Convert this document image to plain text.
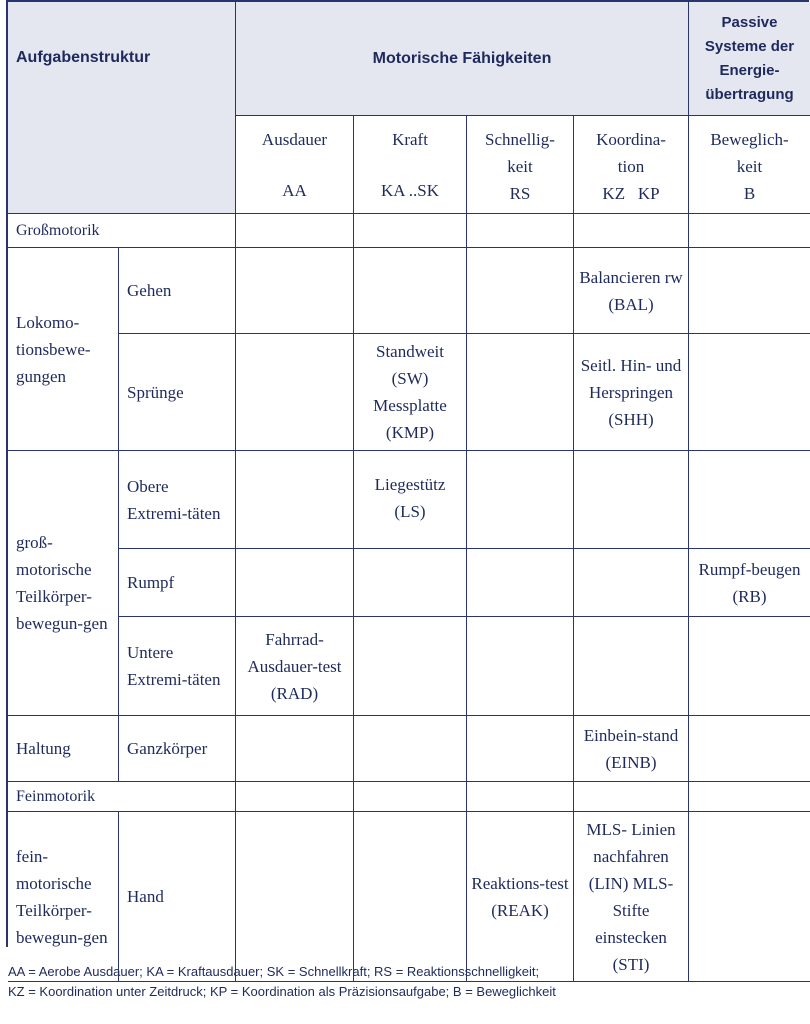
Aufgabenstruktur	Motorische Fähigkeiten
Passive Systeme der Energie-übertragung
Ausdauer
AA
Kraft
KA ..SK
Schnellig-keit
RS
Koordina-tion
KZ   KP
Beweglich-keit
B
Großmotorik
Lokomo-tionsbewe-gungen
Gehen
Balancieren rw (BAL)
Sprünge
Standweit (SW) Messplatte (KMP)
Seitl. Hin- und Herspringen (SHH)
groß-motorische Teilkörper-bewegun-gen
Obere Extremi-täten
Liegestütz (LS)
Rumpf
Rumpf-beugen (RB)
Untere Extremi-täten
Fahrrad-Ausdauer-test (RAD)
Haltung	Ganzkörper
Einbein-stand (EINB)
Feinmotorik
fein-motorische Teilkörper-bewegun-gen
Hand
Reaktions-test (REAK)
MLS- Linien nachfahren (LIN) MLS- Stifte einstecken (STI)
AA = Aerobe Ausdauer; KA = Kraftausdauer; SK = Schnellkraft; RS = Reaktionsschnelligkeit;
KZ = Koordination unter Zeitdruck; KP = Koordination als Präzisionsaufgabe; B = Beweglichkeit
